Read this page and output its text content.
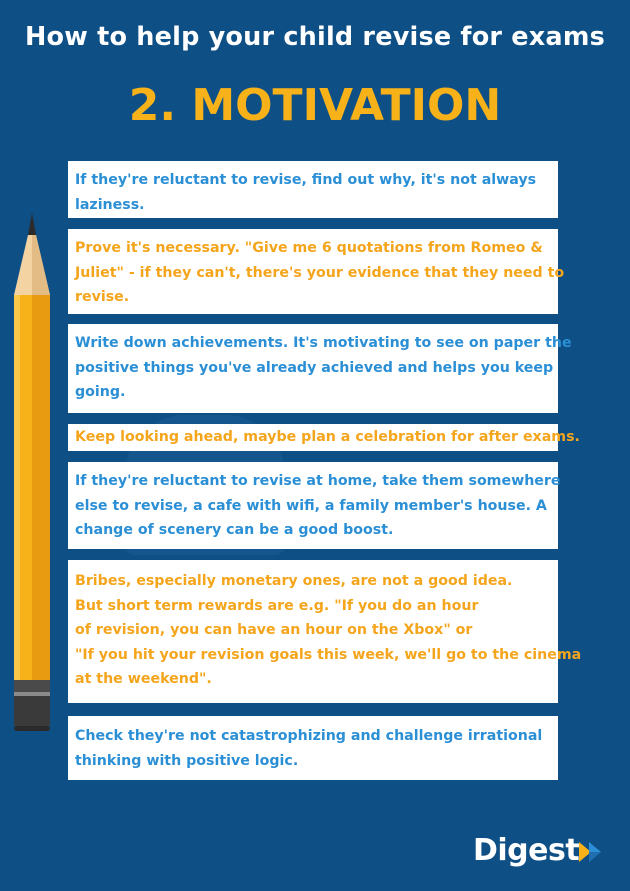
How to help your child revise for exams
2. MOTIVATION
If they're reluctant to revise, find out why, it's not always
laziness.
Prove it's necessary. "Give me 6 quotations from Romeo &
Juliet" - if they can't, there's your evidence that they need to
revise.
Write down achievements. It's motivating to see on paper the
positive things you've already achieved and helps you keep
going.
Keep looking ahead, maybe plan a celebration for after exams.
If they're reluctant to revise at home, take them somewhere
else to revise, a cafe with wifi, a family member's house. A
change of scenery can be a good boost.
Bribes, especially monetary ones, are not a good idea.
But short term rewards are e.g. "If you do an hour
of revision, you can have an hour on the Xbox" or
"If you hit your revision goals this week, we'll go to the cinema
at the weekend".
Check they're not catastrophizing and challenge irrational
thinking with positive logic.
Digest
